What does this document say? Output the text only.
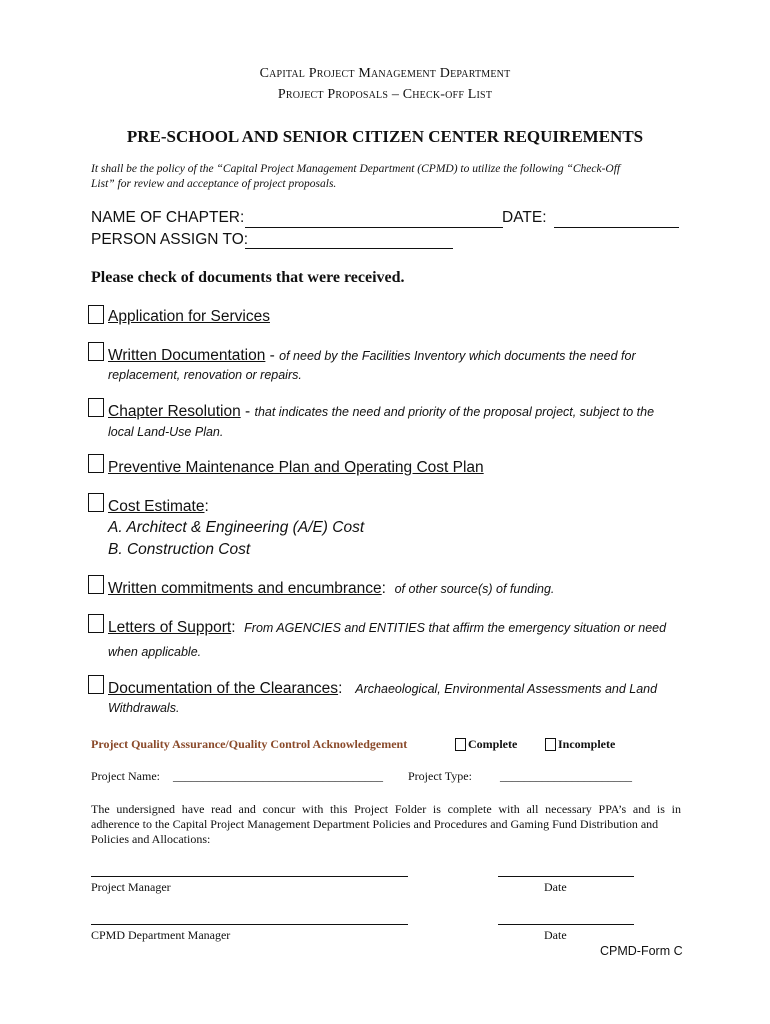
Capital Project Management Department
Project Proposals – Check-off List
PRE-SCHOOL AND SENIOR CITIZEN CENTER REQUIREMENTS
It shall be the policy of the “Capital Project Management Department (CPMD) to utilize the following “Check-Off
List” for review and acceptance of project proposals.
NAME OF CHAPTER:	DATE:
PERSON ASSIGN TO:
Please check of documents that were received.
Application for Services
Written Documentation - of need by the Facilities Inventory which documents the need for
replacement, renovation or repairs.
Chapter Resolution - that indicates the need and priority of the proposal project, subject to the
local Land-Use Plan.
Preventive Maintenance Plan and Operating Cost Plan
Cost Estimate:
A. Architect & Engineering (A/E) Cost
B. Construction Cost
Written commitments and encumbrance:  of other source(s) of funding.
Letters of Support:  From AGENCIES and ENTITIES that affirm the emergency situation or need
when applicable.
Documentation of the Clearances:   Archaeological, Environmental Assessments and Land
Withdrawals.
Project Quality Assurance/Quality Control Acknowledgement	Complete	Incomplete
Project Name: ___________________________________ Project Type: ______________________
The undersigned have read and concur with this Project Folder is complete with all necessary PPA’s and is in
adherence to the Capital Project Management Department Policies and Procedures and Gaming Fund Distribution and
Policies and Allocations:
Project Manager	Date
CPMD Department Manager	Date
CPMD-Form C
